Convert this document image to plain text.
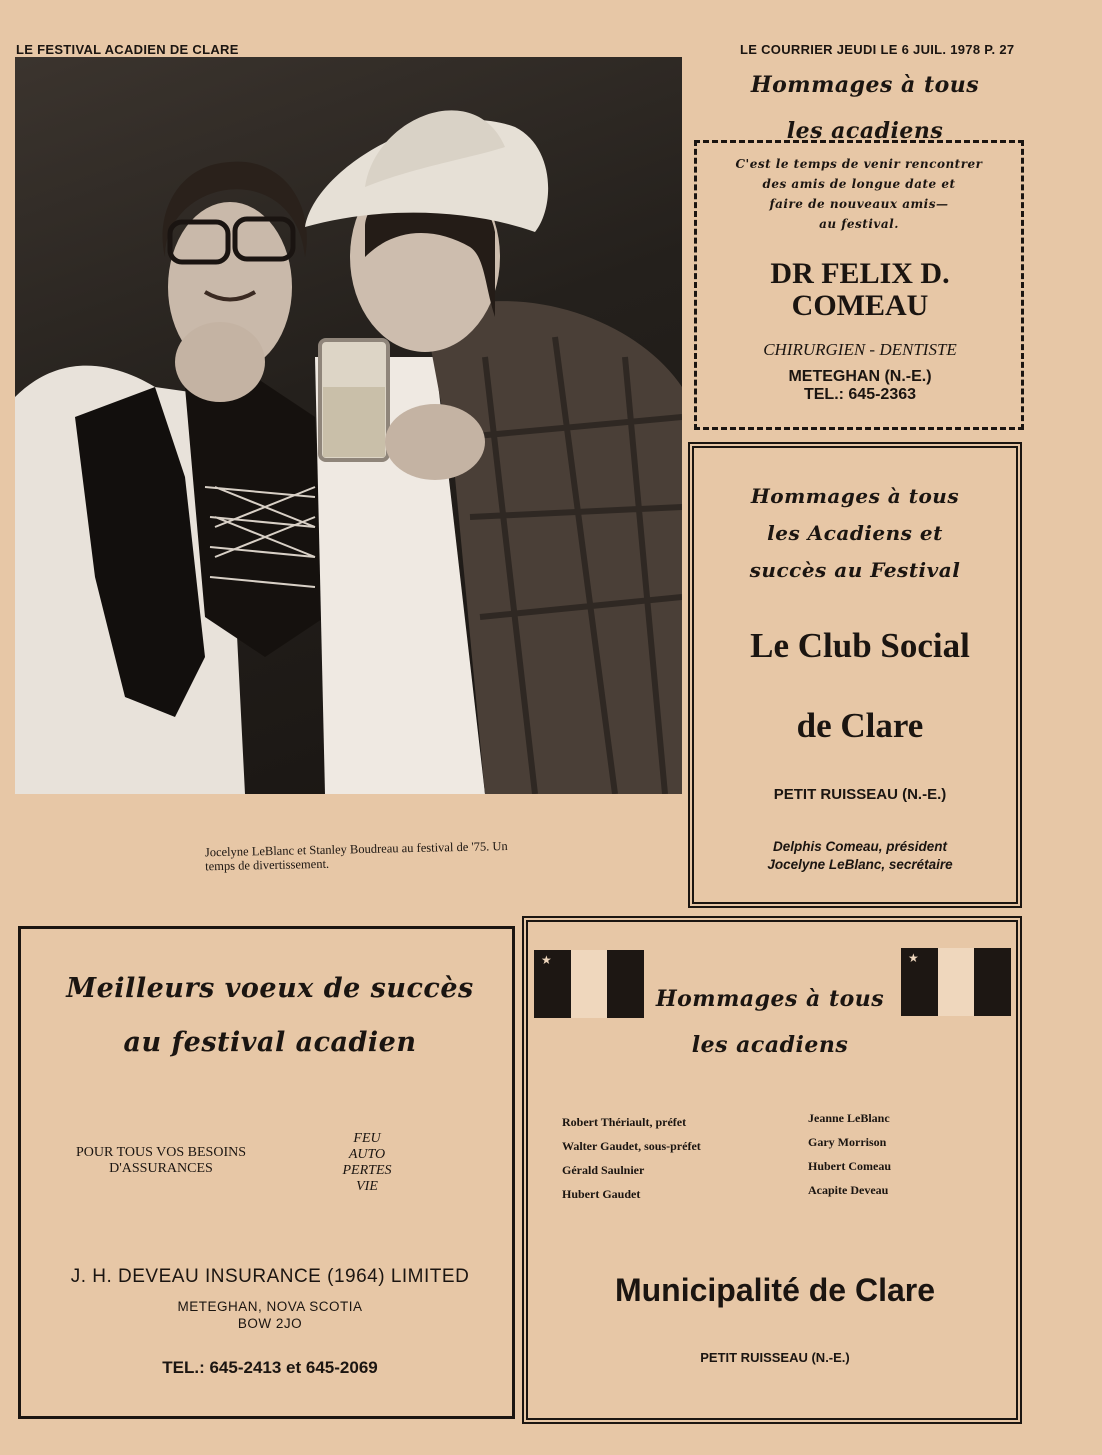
LE FESTIVAL ACADIEN DE CLARE	LE COURRIER JEUDI LE 6 JUIL. 1978 P. 27
Jocelyne LeBlanc et Stanley Boudreau au festival de '75. Un temps de divertissement.
Hommages à tous
les acadiens
C'est le temps de venir rencontrer
des amis de longue date et
faire de nouveaux amis—
au festival.
DR FELIX D.
COMEAU
CHIRURGIEN - DENTISTE
METEGHAN (N.-E.)
TEL.: 645-2363
Hommages à tous
les Acadiens et
succès au Festival
Le Club Social
de Clare
PETIT RUISSEAU (N.-E.)
Delphis Comeau, président
Jocelyne LeBlanc, secrétaire
Meilleurs voeux de succès
au festival acadien
POUR TOUS VOS BESOINS
D'ASSURANCES
FEU
AUTO
PERTES
VIE
J. H. DEVEAU INSURANCE (1964) LIMITED
METEGHAN, NOVA SCOTIA
BOW 2JO
TEL.: 645-2413 et 645-2069
★	★
Hommages à tous
les acadiens
Robert Thériault, préfet
Walter Gaudet, sous-préfet
Gérald Saulnier
Hubert Gaudet
Jeanne LeBlanc
Gary Morrison
Hubert Comeau
Acapite Deveau
Municipalité de Clare
PETIT RUISSEAU (N.-E.)
